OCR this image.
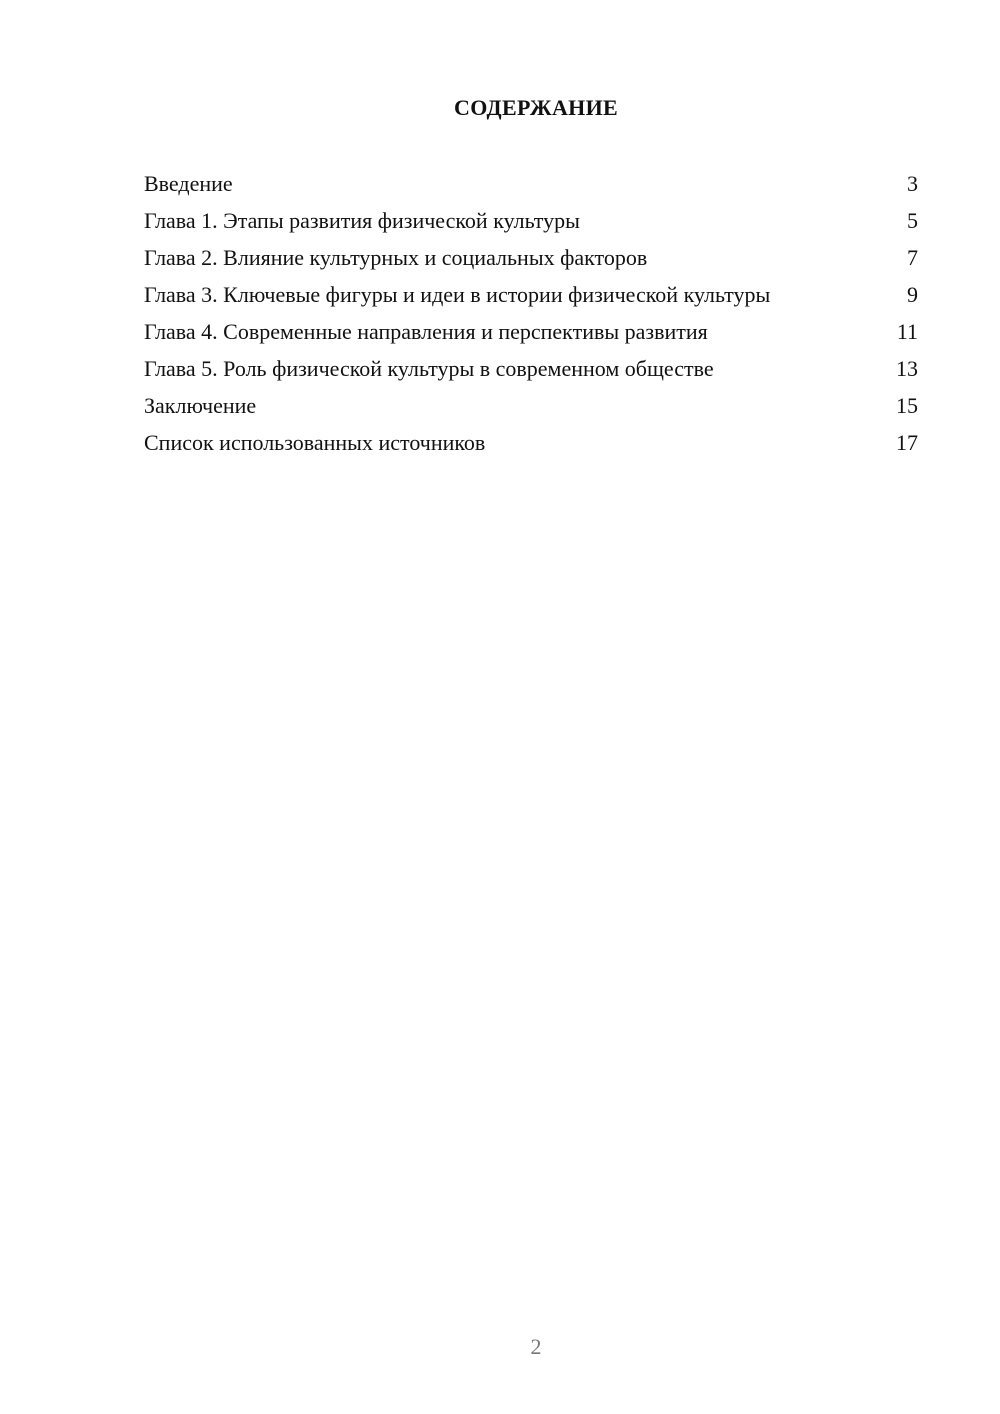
СОДЕРЖАНИЕ
Введение	3
Глава 1. Этапы развития физической культуры	5
Глава 2. Влияние культурных и социальных факторов	7
Глава 3. Ключевые фигуры и идеи в истории физической культуры	9
Глава 4. Современные направления и перспективы развития	11
Глава 5. Роль физической культуры в современном обществе	13
Заключение	15
Список использованных источников	17
2
